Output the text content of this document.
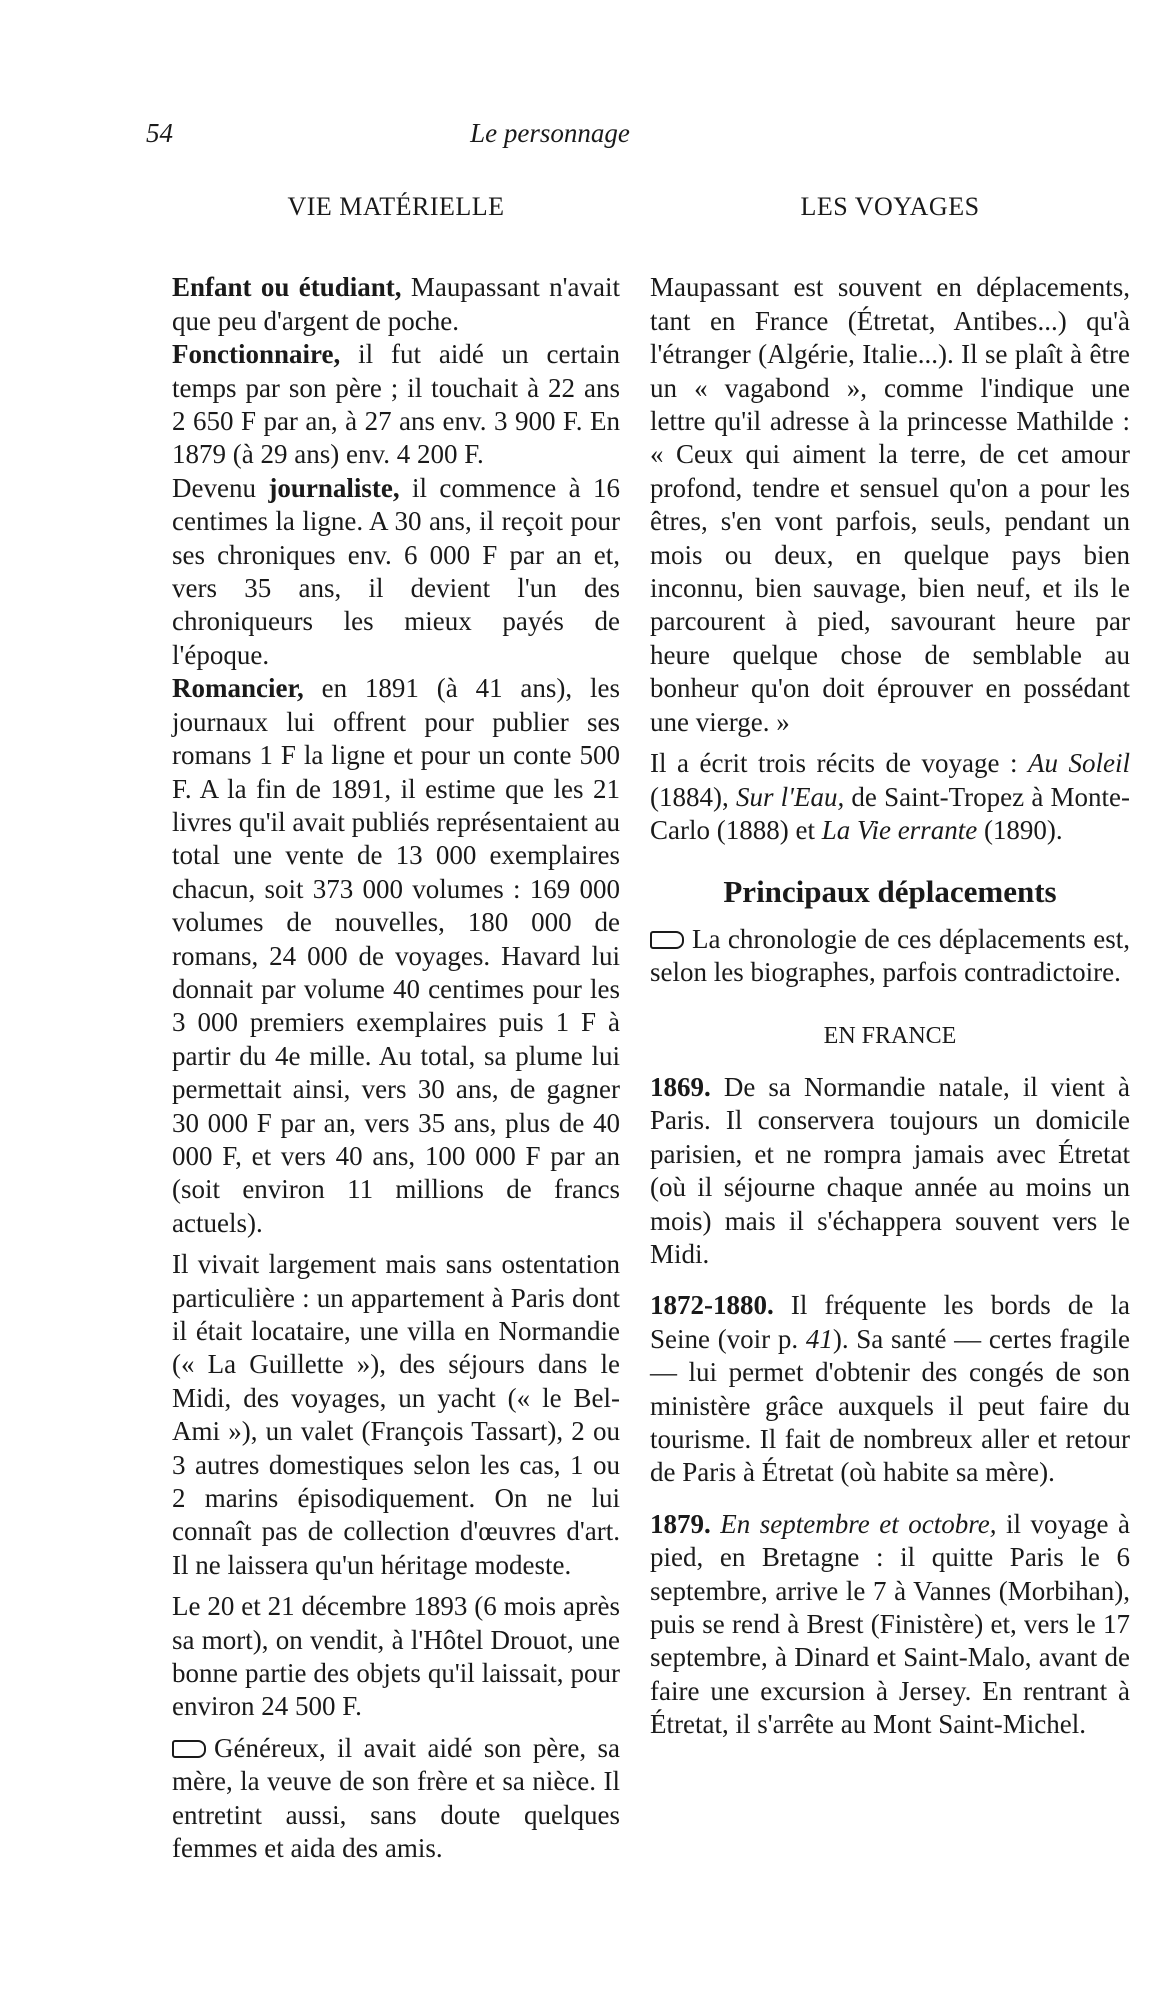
54	Le personnage
VIE MATÉRIELLE

Enfant ou étudiant, Maupassant n'avait que peu d'argent de poche.

Fonctionnaire, il fut aidé un certain temps par son père ; il touchait à 22 ans 2 650 F par an, à 27 ans env. 3 900 F. En 1879 (à 29 ans) env. 4 200 F.

Devenu journaliste, il commence à 16 centimes la ligne. A 30 ans, il reçoit pour ses chroniques env. 6 000 F par an et, vers 35 ans, il devient l'un des chroniqueurs les mieux payés de l'époque.

Romancier, en 1891 (à 41 ans), les journaux lui offrent pour publier ses romans 1 F la ligne et pour un conte 500 F. A la fin de 1891, il estime que les 21 livres qu'il avait publiés représentaient au total une vente de 13 000 exemplaires chacun, soit 373 000 volumes : 169 000 volumes de nouvelles, 180 000 de romans, 24 000 de voyages. Havard lui donnait par volume 40 centimes pour les 3 000 premiers exemplaires puis 1 F à partir du 4e mille. Au total, sa plume lui permettait ainsi, vers 30 ans, de gagner 30 000 F par an, vers 35 ans, plus de 40 000 F, et vers 40 ans, 100 000 F par an (soit environ 11 millions de francs actuels).

Il vivait largement mais sans ostentation particulière : un appartement à Paris dont il était locataire, une villa en Normandie (« La Guillette »), des séjours dans le Midi, des voyages, un yacht (« le Bel-Ami »), un valet (François Tassart), 2 ou 3 autres domestiques selon les cas, 1 ou 2 marins épisodiquement. On ne lui connaît pas de collection d'œuvres d'art. Il ne laissera qu'un héritage modeste.

Le 20 et 21 décembre 1893 (6 mois après sa mort), on vendit, à l'Hôtel Drouot, une bonne partie des objets qu'il laissait, pour environ 24 500 F.

Généreux, il avait aidé son père, sa mère, la veuve de son frère et sa nièce. Il entretint aussi, sans doute quelques femmes et aida des amis.

LES VOYAGES

Maupassant est souvent en déplacements, tant en France (Étretat, Antibes...) qu'à l'étranger (Algérie, Italie...). Il se plaît à être un « vagabond », comme l'indique une lettre qu'il adresse à la princesse Mathilde : « Ceux qui aiment la terre, de cet amour profond, tendre et sensuel qu'on a pour les êtres, s'en vont parfois, seuls, pendant un mois ou deux, en quelque pays bien inconnu, bien sauvage, bien neuf, et ils le parcourent à pied, savourant heure par heure quelque chose de semblable au bonheur qu'on doit éprouver en possédant une vierge. »

Il a écrit trois récits de voyage : Au Soleil (1884), Sur l'Eau, de Saint-Tropez à Monte-Carlo (1888) et La Vie errante (1890).

Principaux déplacements

La chronologie de ces déplacements est, selon les biographes, parfois contradictoire.

EN FRANCE

1869. De sa Normandie natale, il vient à Paris. Il conservera toujours un domicile parisien, et ne rompra jamais avec Étretat (où il séjourne chaque année au moins un mois) mais il s'échappera souvent vers le Midi.

1872-1880. Il fréquente les bords de la Seine (voir p. 41). Sa santé — certes fragile — lui permet d'obtenir des congés de son ministère grâce auxquels il peut faire du tourisme. Il fait de nombreux aller et retour de Paris à Étretat (où habite sa mère).

1879. En septembre et octobre, il voyage à pied, en Bretagne : il quitte Paris le 6 septembre, arrive le 7 à Vannes (Morbihan), puis se rend à Brest (Finistère) et, vers le 17 septembre, à Dinard et Saint-Malo, avant de faire une excursion à Jersey. En rentrant à Étretat, il s'arrête au Mont Saint-Michel.
